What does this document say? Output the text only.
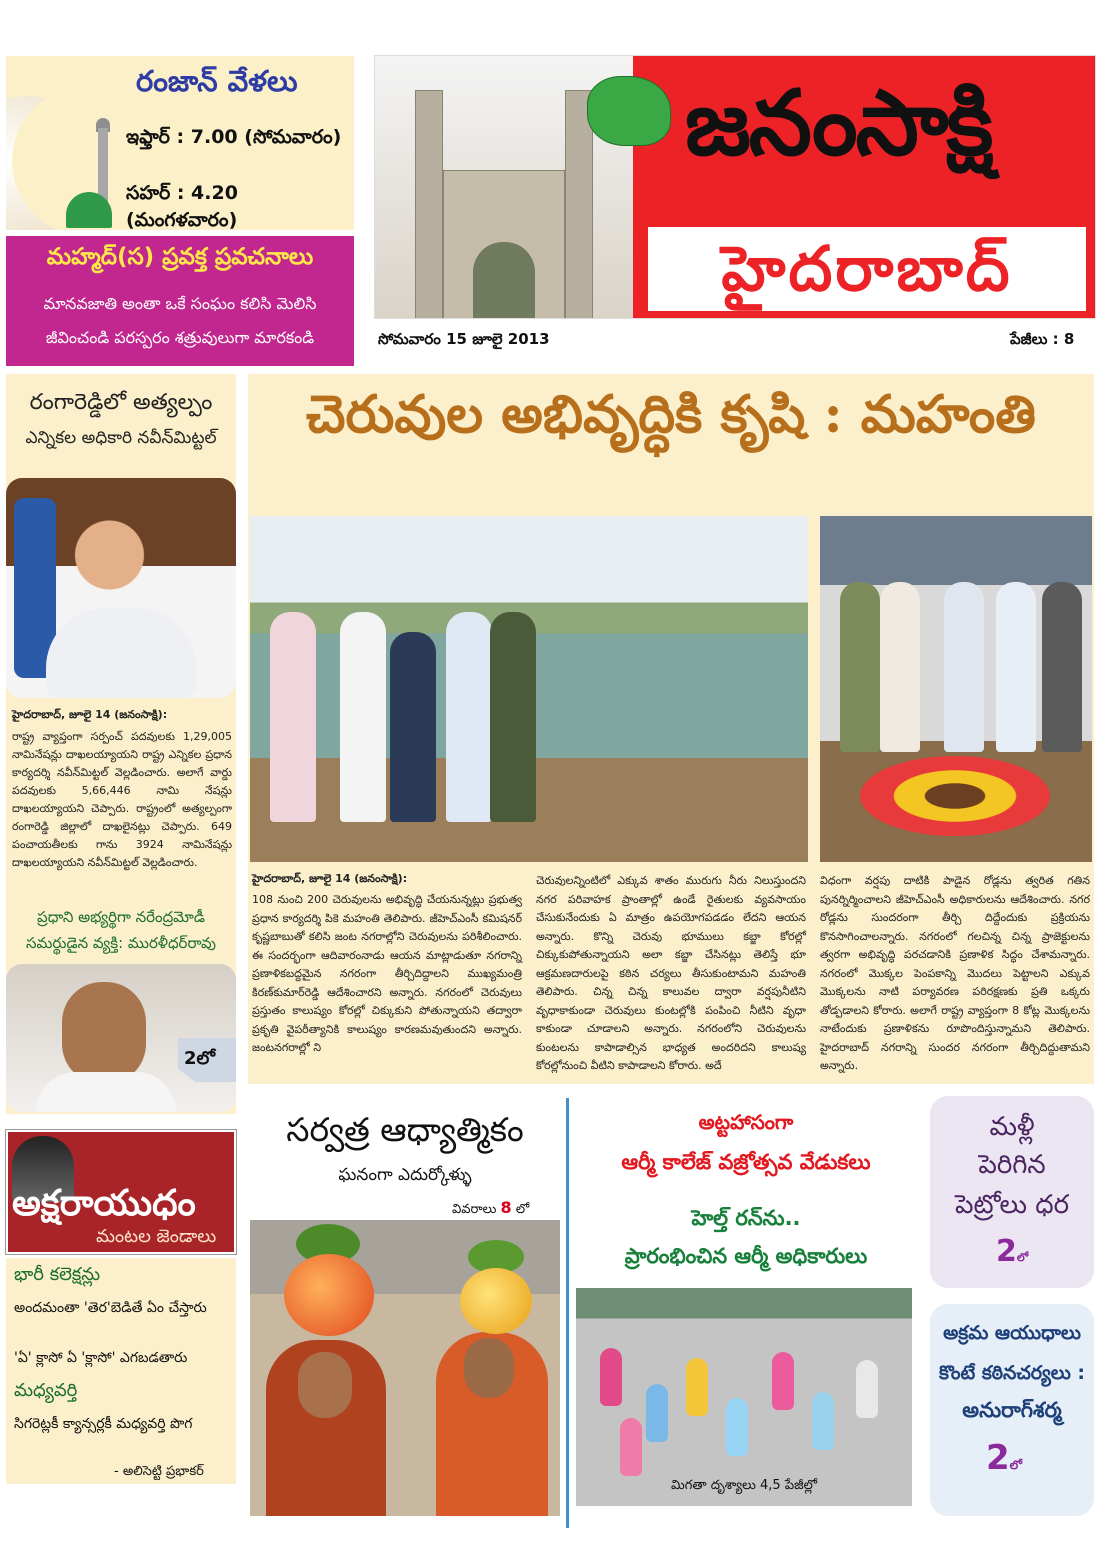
రంజాన్ వేళలు
ఇఫ్తార్ : 7.00 (సోమవారం)
సహర్ : 4.20 (మంగళవారం)
మహ్మద్(స) ప్రవక్త ప్రవచనాలు
మానవజాతి అంతా ఒకే సంఘం కలిసి మెలిసి
జీవించండి పరస్పరం శత్రువులుగా మారకండి
జనంసాక్షి
హైదరాబాద్
సోమవారం 15 జూలై 2013	పేజీలు : 8
రంగారెడ్డిలో అత్యల్పం
ఎన్నికల అధికారి నవీన్‌మిట్టల్
హైదరాబాద్, జూలై 14 (జనంసాక్షి):
రాష్ట్ర వ్యాప్తంగా సర్పంచ్ పదవులకు 1,29,005 నామినేషన్లు దాఖలయ్యాయని రాష్ట్ర ఎన్నికల ప్రధాన కార్యదర్శి నవీన్‌మిట్టల్ వెల్లడించారు. అలాగే వార్డు పదవులకు 5,66,446 నామి నేషన్లు దాఖలయ్యాయని చెప్పారు. రాష్ట్రంలో అత్యల్పంగా రంగారెడ్డి జిల్లాలో దాఖలైనట్లు చెప్పారు. 649 పంచాయతీలకు గాను 3924 నామినేషన్లు దాఖలయ్యాయని నవీన్‌మిట్టల్ వెల్లడించారు.
ప్రధాని అభ్యర్థిగా నరేంద్రమోడీ
సమర్థుడైన వ్యక్తి: మురళీధర్‌రావు
2లో
చెరువుల అభివృద్ధికి కృషి : మహంతి
హైదరాబాద్, జూలై 14 (జనంసాక్షి):
108 నుంచి 200 చెరువులను అభివృద్ధి చేయనున్నట్లు ప్రభుత్వ ప్రధాన కార్యదర్శి పికె మహంతి తెలిపారు. జీహెచ్ఎంసీ కమిషనర్ కృష్ణబాబుతో కలిసి జంట నగరాల్లోని చెరువులను పరిశీలించారు. ఈ సందర్భంగా ఆదివారంనాడు ఆయన మాట్లాడుతూ నగరాన్ని ప్రణాళికబద్దమైన నగరంగా తీర్చిదిద్దాలని ముఖ్యమంత్రి కిరణ్‌కుమార్‌రెడ్డి ఆదేశించారని అన్నారు. నగరంలో చెరువులు ప్రస్తుతం కాలుష్యం కోరల్లో చిక్కుకుని పోతున్నాయని తద్వారా ప్రకృతి వైపరీత్యానికి కాలుష్యం కారణమవుతుందని అన్నారు. జంటనగరాల్లో ని
చెరువులన్నింటిలో ఎక్కువ శాతం మురుగు నీరు నిలుస్తుందని నగర పరివాహక ప్రాంతాల్లో ఉండే రైతులకు వ్యవసాయం చేసుకునేందుకు ఏ మాత్రం ఉపయోగపడడం లేదని ఆయన అన్నారు. కొన్ని చెరువు భూములు కబ్జా కోరల్లో చిక్కుకుపోతున్నాయని అలా కబ్జా చేసినట్లు తెలిస్తే భూ ఆక్రమణదారులపై కఠిన చర్యలు తీసుకుంటామని మహంతి తెలిపారు. చిన్న చిన్న కాలువల ద్వారా వర్షపునీటిని వృధాకాకుండా చెరువులు కుంటల్లోకి పంపించి నీటిని వృధా కాకుండా చూడాలని అన్నారు. నగరంలోని చెరువులను కుంటలను కాపాడాల్సిన భాధ్యత అందరిదని కాలుష్య కోరల్లోనుంచి వీటిని కాపాడాలని కోరారు. అదే
విధంగా వర్షపు దాటికి పాడైన రోడ్లను త్వరిత గతిన పునర్నిర్మించాలని జీహెచ్ఎంసీ అధికారులను ఆదేశించారు. నగర రోడ్లను సుందరంగా తీర్చి దిద్దేందుకు ప్రక్రియను కొనసాగించాలన్నారు. నగరంలో గలచిన్న చిన్న ప్రాజెక్టులను త్వరగా అభివృద్ధి పరచడానికి ప్రణాళిక సిద్ధం చేశామన్నారు. నగరంలో మొక్కల పెంపకాన్ని మొదలు పెట్టాలని ఎక్కువ మొక్కలను నాటి పర్యావరణ పరిరక్షణకు ప్రతి ఒక్కరు తోడ్పడాలని కోరారు. అలాగే రాష్ట్ర వ్యాప్తంగా 8 కోట్ల మొక్కలను నాటేందుకు ప్రణాళికను రూపొందిస్తున్నామని తెలిపారు. హైదరాబాద్ నగరాన్ని సుందర నగరంగా తీర్చిదిద్దుతామని అన్నారు.
అక్షరాయుధం
మంటల జెండాలు
భారీ కలెక్షన్లు
అందమంతా 'తెర'బెడితే ఏం చేస్తారు
'ఏ' క్లాసో ఏ 'క్లాసో' ఎగబడతారు
మధ్యవర్తి
సిగరెట్లకీ క్యాన్సర్లకీ మధ్యవర్తి పొగ
- అలిసెట్టి ప్రభాకర్
సర్వత్ర ఆధ్యాత్మికం
ఘనంగా ఎదుర్కోళ్ళు
వివరాలు 8 లో
అట్టహాసంగా
ఆర్మీ కాలేజ్ వజ్రోత్సవ వేడుకలు
హెల్త్ రన్‌ను..
ప్రారంభించిన ఆర్మీ అధికారులు
మిగతా దృశ్యాలు 4,5 పేజీల్లో
మళ్లీ
పెరిగిన
పెట్రోలు ధర
2లో
అక్రమ ఆయుధాలు
కొంటే కఠినచర్యలు :
అనురాగ్‌శర్మ
2లో
